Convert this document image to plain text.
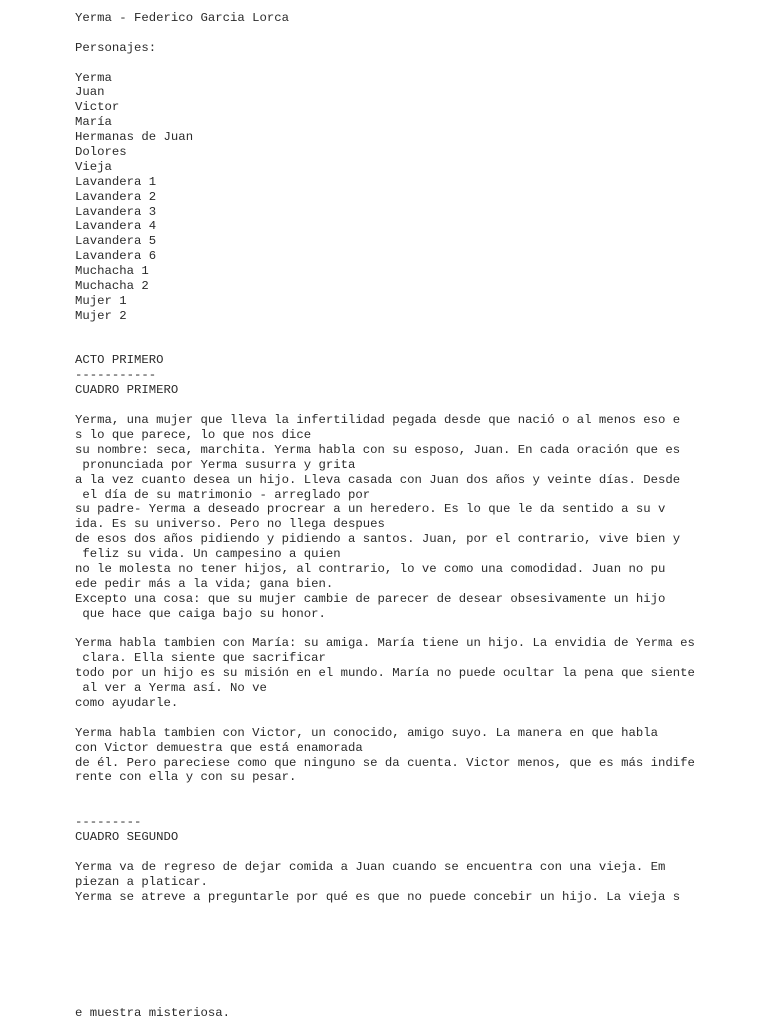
Yerma - Federico Garcia Lorca
Personajes:
Yerma
Juan
Victor
María
Hermanas de Juan
Dolores
Vieja
Lavandera 1
Lavandera 2
Lavandera 3
Lavandera 4
Lavandera 5
Lavandera 6
Muchacha 1
Muchacha 2
Mujer 1
Mujer 2
ACTO PRIMERO
-----------
CUADRO PRIMERO
Yerma, una mujer que lleva la infertilidad pegada desde que nació o al menos eso e
s lo que parece, lo que nos dice
su nombre: seca, marchita. Yerma habla con su esposo, Juan. En cada oración que es
pronunciada por Yerma susurra y grita
a la vez cuanto desea un hijo. Lleva casada con Juan dos años y veinte días. Desde
el día de su matrimonio - arreglado por
su padre- Yerma a deseado procrear a un heredero. Es lo que le da sentido a su v
ida. Es su universo. Pero no llega despues
de esos dos años pidiendo y pidiendo a santos. Juan, por el contrario, vive bien y
feliz su vida. Un campesino a quien
no le molesta no tener hijos, al contrario, lo ve como una comodidad. Juan no pu
ede pedir más a la vida; gana bien.
Excepto una cosa: que su mujer cambie de parecer de desear obsesivamente un hijo
que hace que caiga bajo su honor.
Yerma habla tambien con María: su amiga. María tiene un hijo. La envidia de Yerma es
clara. Ella siente que sacrificar
todo por un hijo es su misión en el mundo. María no puede ocultar la pena que siente
al ver a Yerma así. No ve
como ayudarle.
Yerma habla tambien con Victor, un conocido, amigo suyo. La manera en que habla
con Victor demuestra que está enamorada
de él. Pero pareciese como que ninguno se da cuenta. Victor menos, que es más indife
rente con ella y con su pesar.
---------
CUADRO SEGUNDO
Yerma va de regreso de dejar comida a Juan cuando se encuentra con una vieja. Em
piezan a platicar.
Yerma se atreve a preguntarle por qué es que no puede concebir un hijo. La vieja s
e muestra misteriosa.
